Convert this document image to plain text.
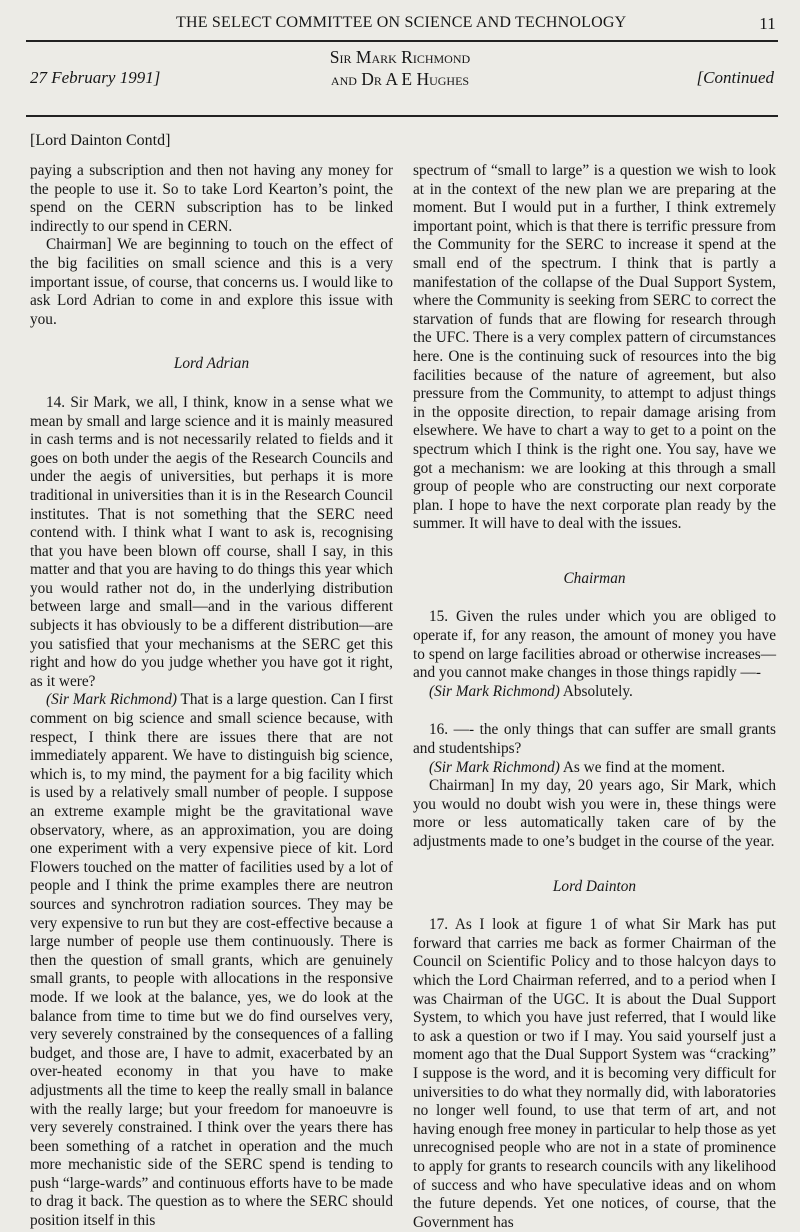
THE SELECT COMMITTEE ON SCIENCE AND TECHNOLOGY	11
27 February 1991]
Sir Mark Richmond
and Dr A E Hughes	[Continued
[Lord Dainton Contd]

paying a subscription and then not having any money for the people to use it. So to take Lord Kearton’s point, the spend on the CERN subscription has to be linked indirectly to our spend in CERN.

Chairman] We are beginning to touch on the effect of the big facilities on small science and this is a very important issue, of course, that concerns us. I would like to ask Lord Adrian to come in and explore this issue with you.

Lord Adrian

14. Sir Mark, we all, I think, know in a sense what we mean by small and large science and it is mainly measured in cash terms and is not necessarily related to fields and it goes on both under the aegis of the Research Councils and under the aegis of universities, but perhaps it is more traditional in universities than it is in the Research Council institutes. That is not something that the SERC need contend with. I think what I want to ask is, recognising that you have been blown off course, shall I say, in this matter and that you are having to do things this year which you would rather not do, in the underlying distribution between large and small—and in the various different subjects it has obviously to be a different distribution—are you satisfied that your mechanisms at the SERC get this right and how do you judge whether you have got it right, as it were?

(Sir Mark Richmond) That is a large question. Can I first comment on big science and small science because, with respect, I think there are issues there that are not immediately apparent. We have to distinguish big science, which is, to my mind, the payment for a big facility which is used by a relatively small number of people. I suppose an extreme example might be the gravitational wave observatory, where, as an approximation, you are doing one experiment with a very expensive piece of kit. Lord Flowers touched on the matter of facilities used by a lot of people and I think the prime examples there are neutron sources and synchrotron radiation sources. They may be very expensive to run but they are cost-effective because a large number of people use them continuously. There is then the question of small grants, which are genuinely small grants, to people with allocations in the responsive mode. If we look at the balance, yes, we do look at the balance from time to time but we do find ourselves very, very severely constrained by the consequences of a falling budget, and those are, I have to admit, exacerbated by an over-heated economy in that you have to make adjustments all the time to keep the really small in balance with the really large; but your freedom for manoeuvre is very severely constrained. I think over the years there has been something of a ratchet in operation and the much more mechanistic side of the SERC spend is tending to push “large-wards” and continuous efforts have to be made to drag it back. The question as to where the SERC should position itself in this

spectrum of “small to large” is a question we wish to look at in the context of the new plan we are preparing at the moment. But I would put in a further, I think extremely important point, which is that there is terrific pressure from the Community for the SERC to increase it spend at the small end of the spectrum. I think that is partly a manifestation of the collapse of the Dual Support System, where the Community is seeking from SERC to correct the starvation of funds that are flowing for research through the UFC. There is a very complex pattern of circumstances here. One is the continuing suck of resources into the big facilities because of the nature of agreement, but also pressure from the Community, to attempt to adjust things in the opposite direction, to repair damage arising from elsewhere. We have to chart a way to get to a point on the spectrum which I think is the right one. You say, have we got a mechanism: we are looking at this through a small group of people who are constructing our next corporate plan. I hope to have the next corporate plan ready by the summer. It will have to deal with the issues.

Chairman

15. Given the rules under which you are obliged to operate if, for any reason, the amount of money you have to spend on large facilities abroad or otherwise increases—and you cannot make changes in those things rapidly —-

(Sir Mark Richmond) Absolutely.

16. —- the only things that can suffer are small grants and studentships?

(Sir Mark Richmond) As we find at the moment.

Chairman] In my day, 20 years ago, Sir Mark, which you would no doubt wish you were in, these things were more or less automatically taken care of by the adjustments made to one’s budget in the course of the year.

Lord Dainton

17. As I look at figure 1 of what Sir Mark has put forward that carries me back as former Chairman of the Council on Scientific Policy and to those halcyon days to which the Lord Chairman referred, and to a period when I was Chairman of the UGC. It is about the Dual Support System, to which you have just referred, that I would like to ask a question or two if I may. You said yourself just a moment ago that the Dual Support System was “cracking” I suppose is the word, and it is becoming very difficult for universities to do what they normally did, with laboratories no longer well found, to use that term of art, and not having enough free money in particular to help those as yet unrecognised people who are not in a state of prominence to apply for grants to research councils with any likelihood of success and who have speculative ideas and on whom the future depends. Yet one notices, of course, that the Government has
